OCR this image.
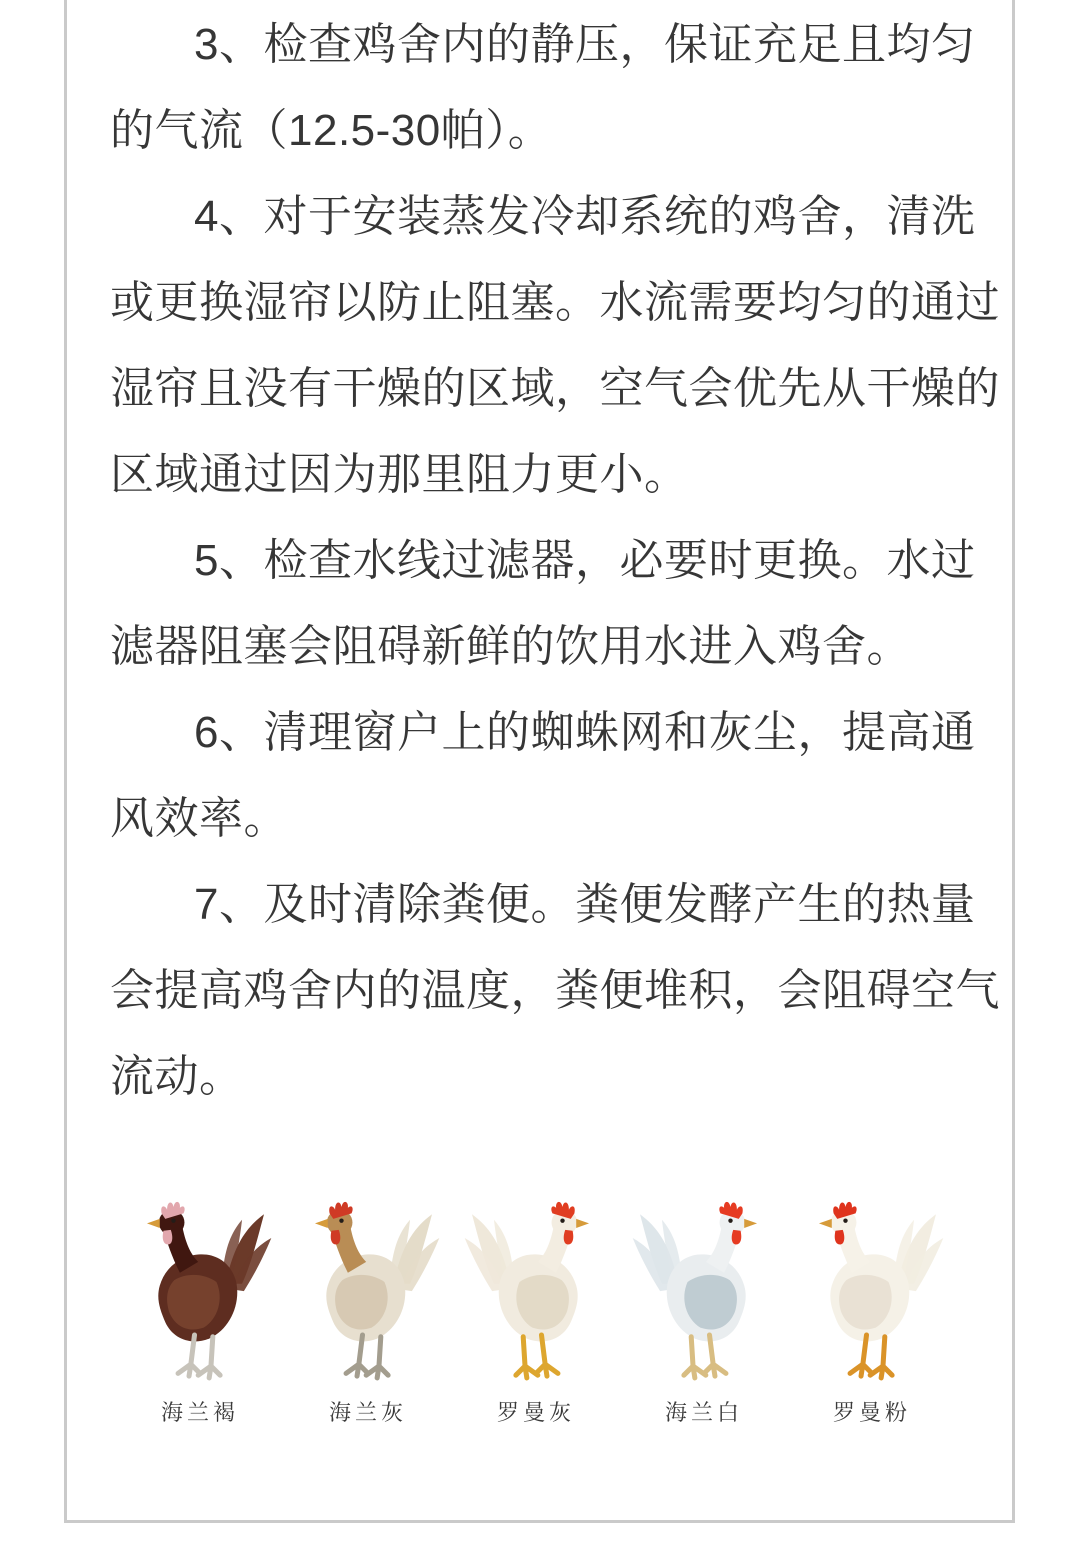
3、检查鸡舍内的静压，保证充足且均匀
的气流（12.5-30帕）。
4、对于安装蒸发冷却系统的鸡舍，清洗
或更换湿帘以防止阻塞。水流需要均匀的通过
湿帘且没有干燥的区域，空气会优先从干燥的
区域通过因为那里阻力更小。
5、检查水线过滤器，必要时更换。水过
滤器阻塞会阻碍新鲜的饮用水进入鸡舍。
6、清理窗户上的蜘蛛网和灰尘，提高通
风效率。
7、及时清除粪便。粪便发酵产生的热量
会提高鸡舍内的温度，粪便堆积，会阻碍空气
流动。
海兰褐	海兰灰	罗曼灰	海兰白	罗曼粉
